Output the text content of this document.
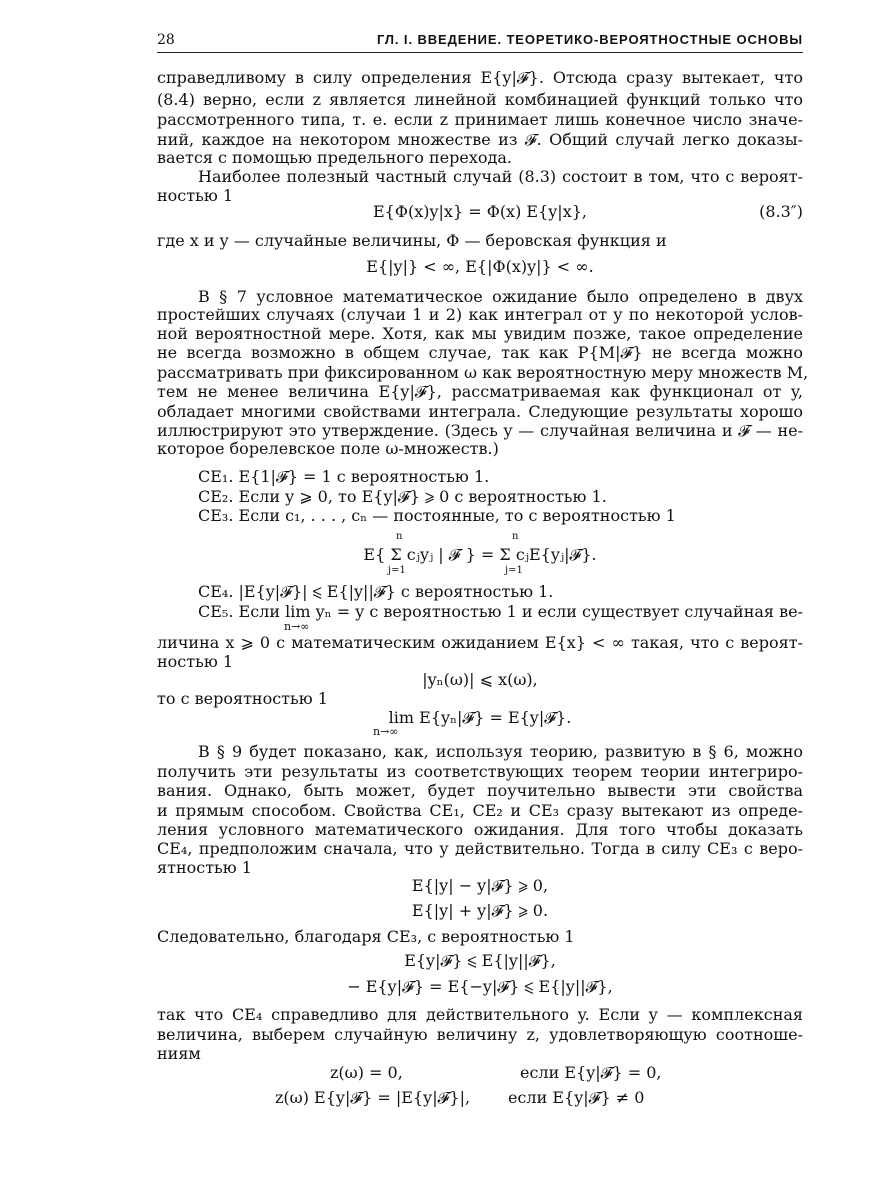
28	ГЛ. I. ВВЕДЕНИЕ. ТЕОРЕТИКО-ВЕРОЯТНОСТНЫЕ ОСНОВЫ
справедливому в силу определения E{y|𝓕}. Отсюда сразу вытекает, что
(8.4) верно, если z является линейной комбинацией функций только что
рассмотренного типа, т. е. если z принимает лишь конечное число значе-
ний, каждое на некотором множестве из 𝓕. Общий случай легко доказы-
вается с помощью предельного перехода.
Наиболее полезный частный случай (8.3) состоит в том, что с вероят-
ностью 1
E{Φ(x)y|x} = Φ(x) E{y|x},	(8.3″)
где x и y — случайные величины, Φ — беровская функция и
E{|y|} < ∞, E{|Φ(x)y|} < ∞.
В § 7 условное математическое ожидание было определено в двух
простейших случаях (случаи 1 и 2) как интеграл от y по некоторой услов-
ной вероятностной мере. Хотя, как мы увидим позже, такое определение
не всегда возможно в общем случае, так как P{M|𝓕} не всегда можно
рассматривать при фиксированном ω как вероятностную меру множеств M,
тем не менее величина E{y|𝓕}, рассматриваемая как функционал от y,
обладает многими свойствами интеграла. Следующие результаты хорошо
иллюстрируют это утверждение. (Здесь y — случайная величина и 𝓕 — не-
которое борелевское поле ω-множеств.)
CE₁. E{1|𝓕} = 1 с вероятностью 1.
CE₂. Если y ⩾ 0, то E{y|𝓕} ⩾ 0 с вероятностью 1.
CE₃. Если c₁, . . . , cₙ — постоянные, то с вероятностью 1
n	n
E{ Σ cⱼyⱼ | 𝓕 } = Σ cⱼE{yⱼ|𝓕}.
j=1	j=1
CE₄. |E{y|𝓕}| ⩽ E{|y||𝓕} с вероятностью 1.
CE₅. Если lim yₙ = y с вероятностью 1 и если существует случайная ве-
n→∞
личина x ⩾ 0 с математическим ожиданием E{x} < ∞ такая, что с вероят-
ностью 1
|yₙ(ω)| ⩽ x(ω),
то с вероятностью 1
lim E{yₙ|𝓕} = E{y|𝓕}.
n→∞
В § 9 будет показано, как, используя теорию, развитую в § 6, можно
получить эти результаты из соответствующих теорем теории интегриро-
вания. Однако, быть может, будет поучительно вывести эти свойства
и прямым способом. Свойства CE₁, CE₂ и CE₃ сразу вытекают из опреде-
ления условного математического ожидания. Для того чтобы доказать
CE₄, предположим сначала, что y действительно. Тогда в силу CE₃ с веро-
ятностью 1
E{|y| − y|𝓕} ⩾ 0,
E{|y| + y|𝓕} ⩾ 0.
Следовательно, благодаря CE₃, с вероятностью 1
E{y|𝓕} ⩽ E{|y||𝓕},
− E{y|𝓕} = E{−y|𝓕} ⩽ E{|y||𝓕},
так что CE₄ справедливо для действительного y. Если y — комплексная
величина, выберем случайную величину z, удовлетворяющую соотноше-
ниям
z(ω) = 0,	если E{y|𝓕} = 0,
z(ω) E{y|𝓕} = |E{y|𝓕}|,	если E{y|𝓕} ≠ 0
